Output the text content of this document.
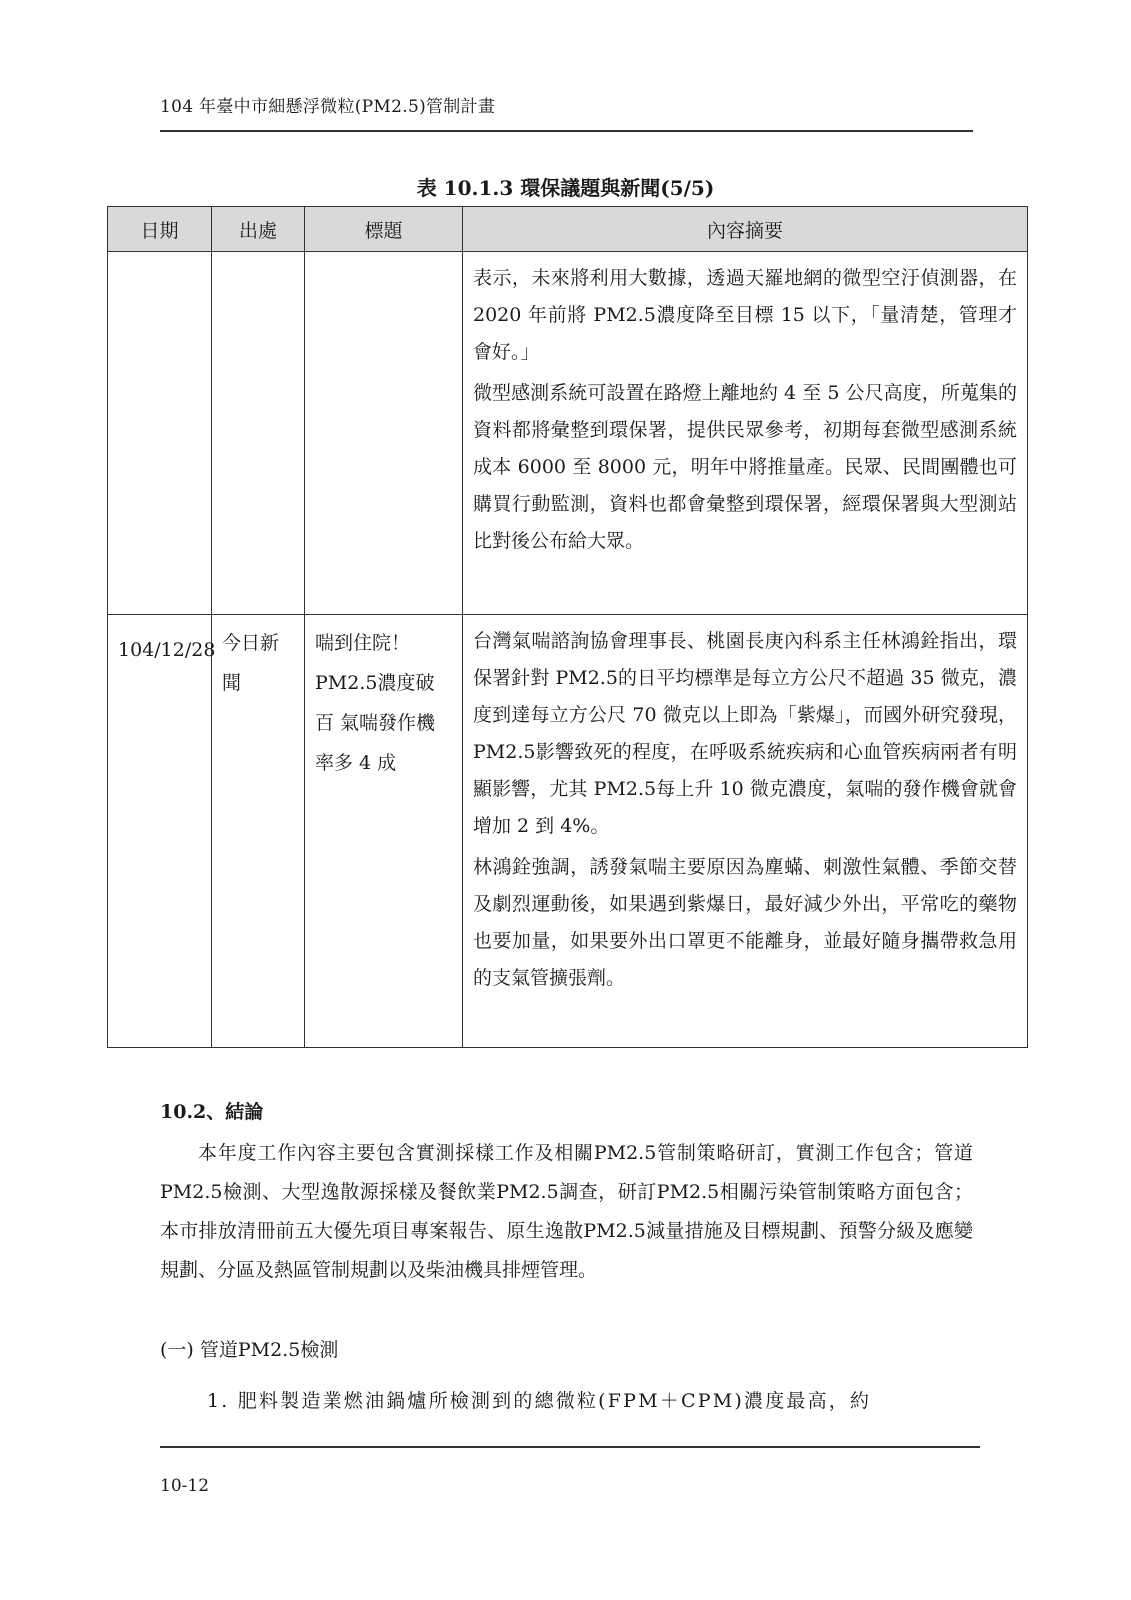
104 年臺中市細懸浮微粒(PM2.5)管制計畫
表 10.1.3 環保議題與新聞(5/5)
日期	出處	標題	內容摘要

			表示，未來將利用大數據，透過天羅地網的微型空汙偵測器，在 2020 年前將 PM2.5濃度降至目標 15 以下，「量清楚，管理才會好。」

微型感測系統可設置在路燈上離地約 4 至 5 公尺高度，所蒐集的資料都將彙整到環保署，提供民眾參考，初期每套微型感測系統成本 6000 至 8000 元，明年中將推量產。民眾、民間團體也可購買行動監測，資料也都會彙整到環保署，經環保署與大型測站比對後公布給大眾。

104/12/28	今日新聞	喘到住院！PM2.5濃度破百 氣喘發作機率多 4 成	台灣氣喘諮詢協會理事長、桃園長庚內科系主任林鴻銓指出，環保署針對 PM2.5的日平均標準是每立方公尺不超過 35 微克，濃度到達每立方公尺 70 微克以上即為「紫爆」，而國外研究發現，PM2.5影響致死的程度，在呼吸系統疾病和心血管疾病兩者有明顯影響，尤其 PM2.5每上升 10 微克濃度，氣喘的發作機會就會增加 2 到 4%。

林鴻銓強調，誘發氣喘主要原因為塵蟎、刺激性氣體、季節交替及劇烈運動後，如果遇到紫爆日，最好減少外出，平常吃的藥物也要加量，如果要外出口罩更不能離身，並最好隨身攜帶救急用的支氣管擴張劑。

10.2、結論

本年度工作內容主要包含實測採樣工作及相關PM2.5管制策略研訂，實測工作包含；管道PM2.5檢測、大型逸散源採樣及餐飲業PM2.5調查，研訂PM2.5相關污染管制策略方面包含；本市排放清冊前五大優先項目專案報告、原生逸散PM2.5減量措施及目標規劃、預警分級及應變規劃、分區及熱區管制規劃以及柴油機具排煙管理。

(一) 管道PM2.5檢測
1. 肥料製造業燃油鍋爐所檢測到的總微粒(FPM＋CPM)濃度最高，約
10-12
